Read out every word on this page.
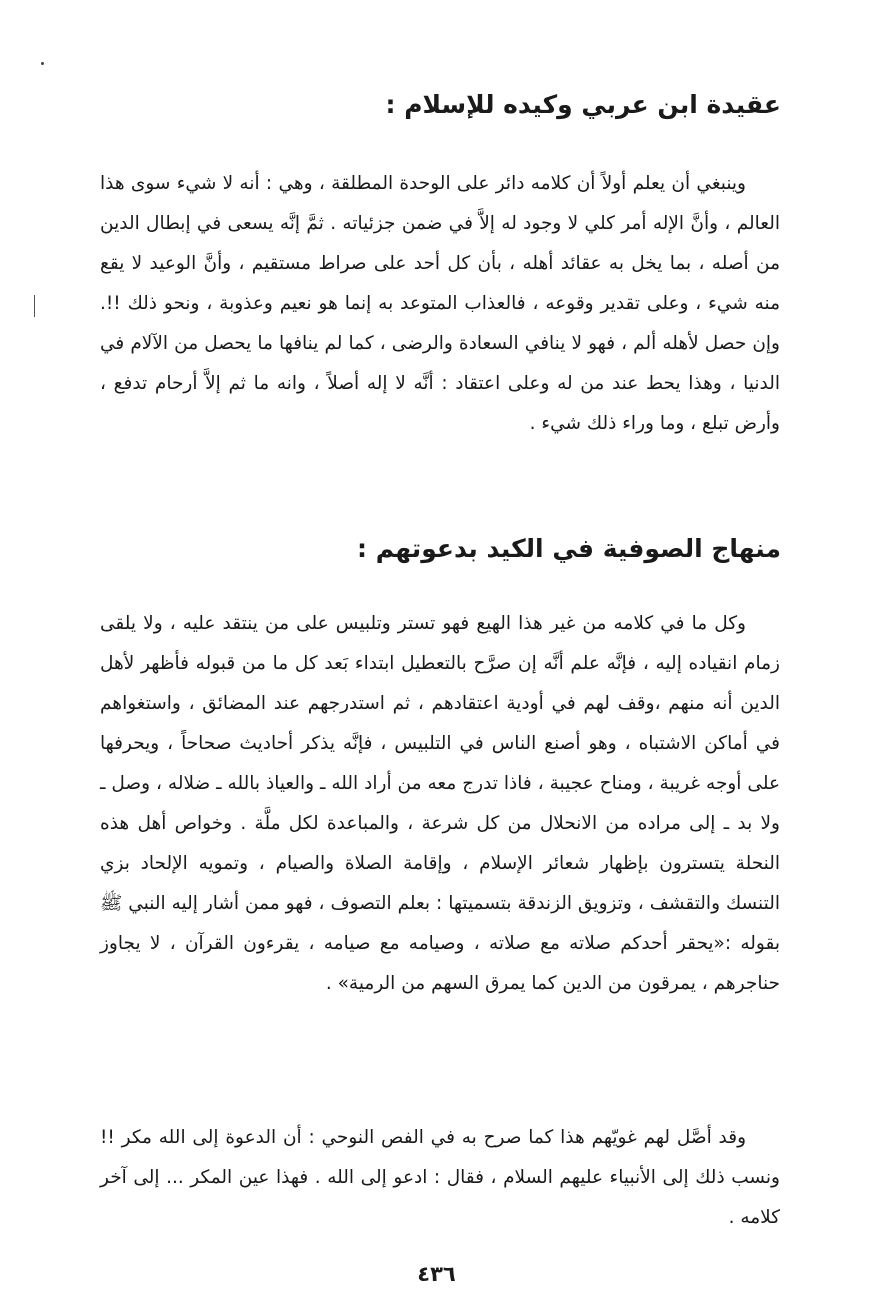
عقيدة ابن عربي وكيده للإسلام :

وينبغي أن يعلم أولاً أن كلامه دائر على الوحدة المطلقة ، وهي : أنه لا شيء سوى هذا العالم ، وأنَّ الإله أمر كلي لا وجود له إلاَّ في ضمن جزئياته . ثمَّ إنَّه يسعى في إبطال الدين من أصله ، بما يخل به عقائد أهله ، بأن كل أحد على صراط مستقيم ، وأنَّ الوعيد لا يقع منه شيء ، وعلى تقدير وقوعه ، فالعذاب المتوعد به إنما هو نعيم وعذوبة ، ونحو ذلك !!. وإن حصل لأهله ألم ، فهو لا ينافي السعادة والرضى ، كما لم ينافها ما يحصل من الآلام في الدنيا ، وهذا يحط عند من له وعلى اعتقاد : أنَّه لا إله أصلاً ، وانه ما ثم إلاَّ أرحام تدفع ، وأرض تبلع ، وما وراء ذلك شيء .

منهاج الصوفية في الكيد بدعوتهم :

وكل ما في كلامه من غير هذا الهيع فهو تستر وتلبيس على من ينتقد عليه ، ولا يلقى زمام انقياده إليه ، فإنَّه علم أنَّه إن صرَّح بالتعطيل ابتداء بَعد كل ما من قبوله فأظهر لأهل الدين أنه منهم ،وقف لهم في أودية اعتقادهم ، ثم استدرجهم عند المضائق ، واستغواهم في أماكن الاشتباه ، وهو أصنع الناس في التلبيس ، فإنَّه يذكر أحاديث صحاحاً ، ويحرفها على أوجه غريبة ، ومناح عجيبة ، فاذا تدرج معه من أراد الله ـ والعياذ بالله ـ ضلاله ، وصل ـ ولا بد ـ إلى مراده من الانحلال من كل شرعة ، والمباعدة لكل ملَّة . وخواص أهل هذه النحلة يتسترون بإظهار شعائر الإسلام ، وإقامة الصلاة والصيام ، وتمويه الإلحاد بزي التنسك والتقشف ، وتزويق الزندقة بتسميتها : بعلم التصوف ، فهو ممن أشار إليه النبي ﷺ بقوله :«يحقر أحدكم صلاته مع صلاته ، وصيامه مع صيامه ، يقرءون القرآن ، لا يجاوز حناجرهم ، يمرقون من الدين كما يمرق السهم من الرمية» .

وقد أصَّل لهم غويّهم هذا كما صرح به في الفص النوحي : أن الدعوة إلى الله مكر !! ونسب ذلك إلى الأنبياء عليهم السلام ، فقال : ادعو إلى الله . فهذا عين المكر ... إلى آخر كلامه .

٤٣٦
